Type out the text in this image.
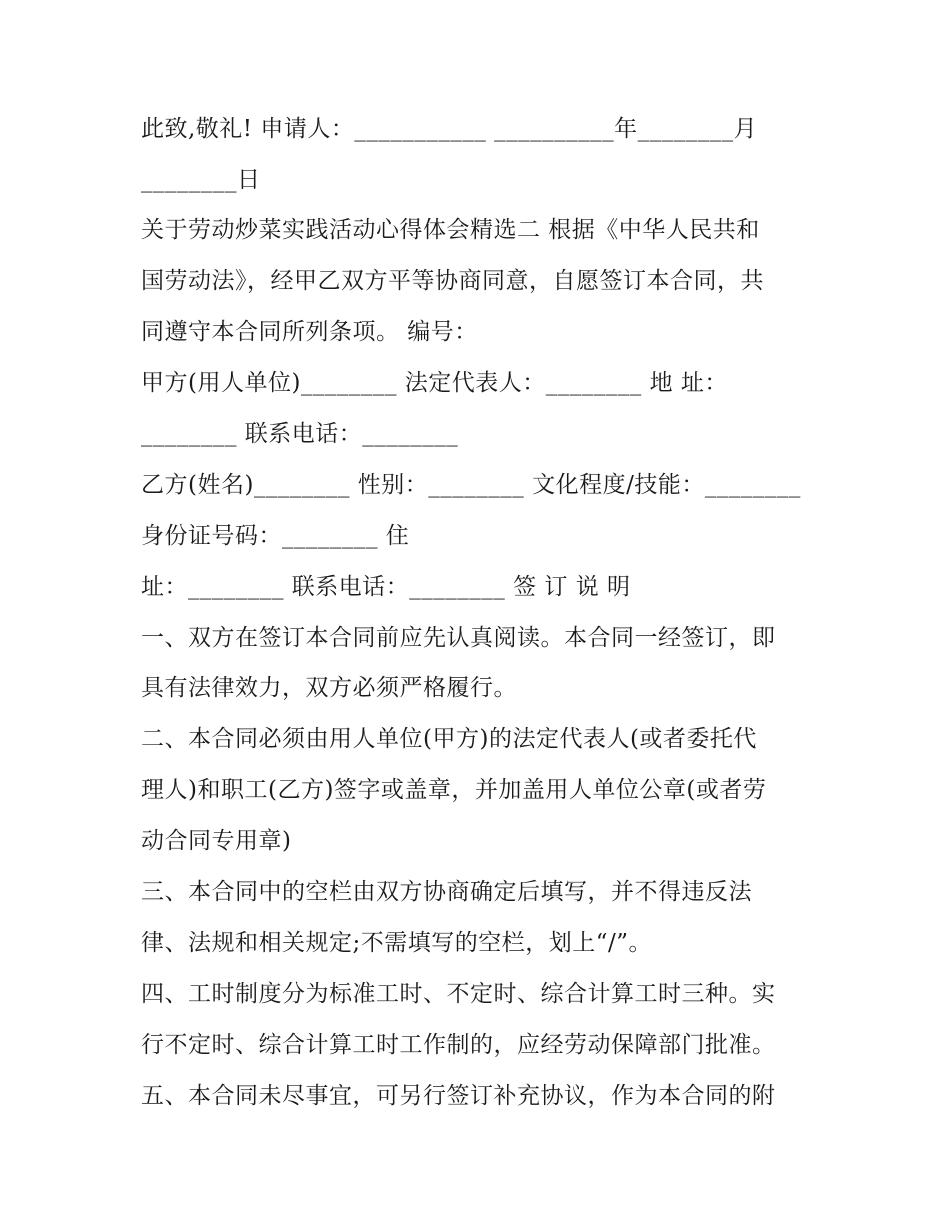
此致,敬礼! 申请人：___________ __________年________月
________日
关于劳动炒菜实践活动心得体会精选二 根据《中华人民共和
国劳动法》，经甲乙双方平等协商同意，自愿签订本合同，共
同遵守本合同所列条项。 编号：
甲方(用人单位)________ 法定代表人：________ 地 址：
________ 联系电话：________
乙方(姓名)________ 性别：________ 文化程度/技能：________
身份证号码：________ 住
址：________ 联系电话：________ 签 订 说 明
一、双方在签订本合同前应先认真阅读。本合同一经签订，即
具有法律效力，双方必须严格履行。
二、本合同必须由用人单位(甲方)的法定代表人(或者委托代
理人)和职工(乙方)签字或盖章，并加盖用人单位公章(或者劳
动合同专用章)
三、本合同中的空栏由双方协商确定后填写，并不得违反法
律、法规和相关规定;不需填写的空栏，划上“/”。
四、工时制度分为标准工时、不定时、综合计算工时三种。实
行不定时、综合计算工时工作制的，应经劳动保障部门批准。
五、本合同未尽事宜，可另行签订补充协议，作为本合同的附
